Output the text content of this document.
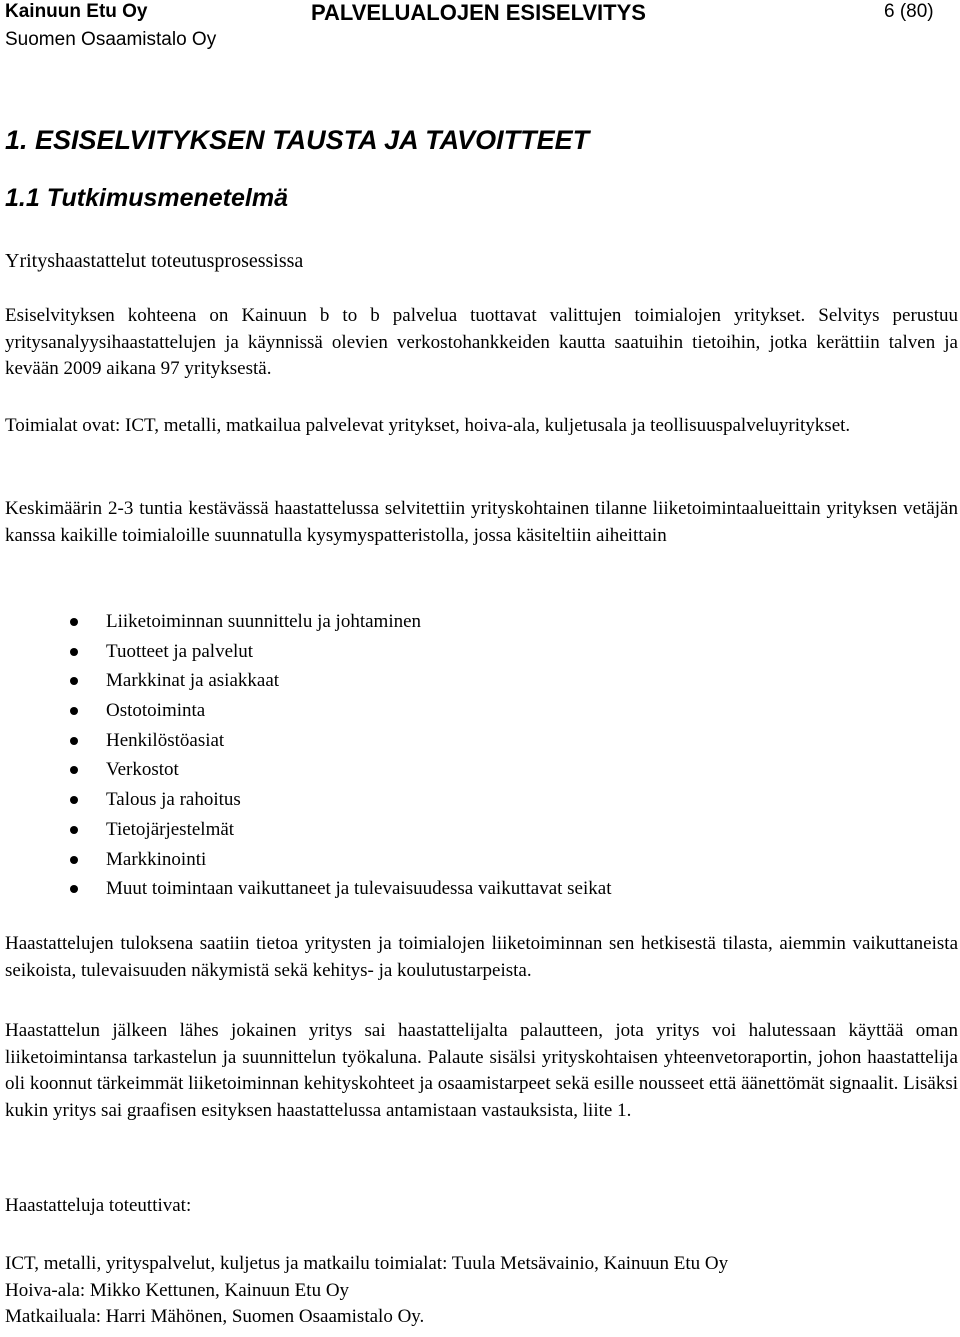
Kainuun Etu Oy
Suomen Osaamistalo Oy
PALVELUALOJEN ESISELVITYS	6 (80)
1. ESISELVITYKSEN TAUSTA JA TAVOITTEET
1.1 Tutkimusmenetelmä
Yrityshaastattelut toteutusprosessissa
Esiselvityksen kohteena on Kainuun b to b palvelua tuottavat valittujen toimialojen yritykset. Selvitys perustuu yritysanalyysihaastattelujen ja käynnissä olevien verkostohankkeiden kautta saatuihin tietoihin, jotka kerättiin talven ja kevään 2009 aikana 97 yrityksestä.
Toimialat ovat: ICT, metalli, matkailua palvelevat yritykset, hoiva-ala, kuljetusala ja teollisuuspalveluyritykset.
Keskimäärin 2-3 tuntia kestävässä haastattelussa selvitettiin yrityskohtainen tilanne liiketoimintaalueittain yrityksen vetäjän kanssa kaikille toimialoille suunnatulla kysymyspatteristolla, jossa käsiteltiin aiheittain
Liiketoiminnan suunnittelu ja johtaminen
Tuotteet ja palvelut
Markkinat ja asiakkaat
Ostotoiminta
Henkilöstöasiat
Verkostot
Talous ja rahoitus
Tietojärjestelmät
Markkinointi
Muut toimintaan vaikuttaneet ja tulevaisuudessa vaikuttavat seikat
Haastattelujen tuloksena saatiin tietoa yritysten ja toimialojen liiketoiminnan sen hetkisestä tilasta, aiemmin vaikuttaneista seikoista, tulevaisuuden näkymistä sekä kehitys- ja koulutustarpeista.
Haastattelun jälkeen lähes jokainen yritys sai haastattelijalta palautteen, jota yritys voi halutessaan käyttää oman liiketoimintansa tarkastelun ja suunnittelun työkaluna. Palaute sisälsi yrityskohtaisen yhteenvetoraportin, johon haastattelija oli koonnut tärkeimmät liiketoiminnan kehityskohteet ja osaamistarpeet sekä esille nousseet että äänettömät signaalit. Lisäksi kukin yritys sai graafisen esityksen haastattelussa antamistaan vastauksista, liite 1.
Haastatteluja toteuttivat:
ICT, metalli, yrityspalvelut, kuljetus ja matkailu toimialat: Tuula Metsävainio, Kainuun Etu Oy
Hoiva-ala: Mikko Kettunen, Kainuun Etu Oy
Matkailuala: Harri Mähönen, Suomen Osaamistalo Oy.
